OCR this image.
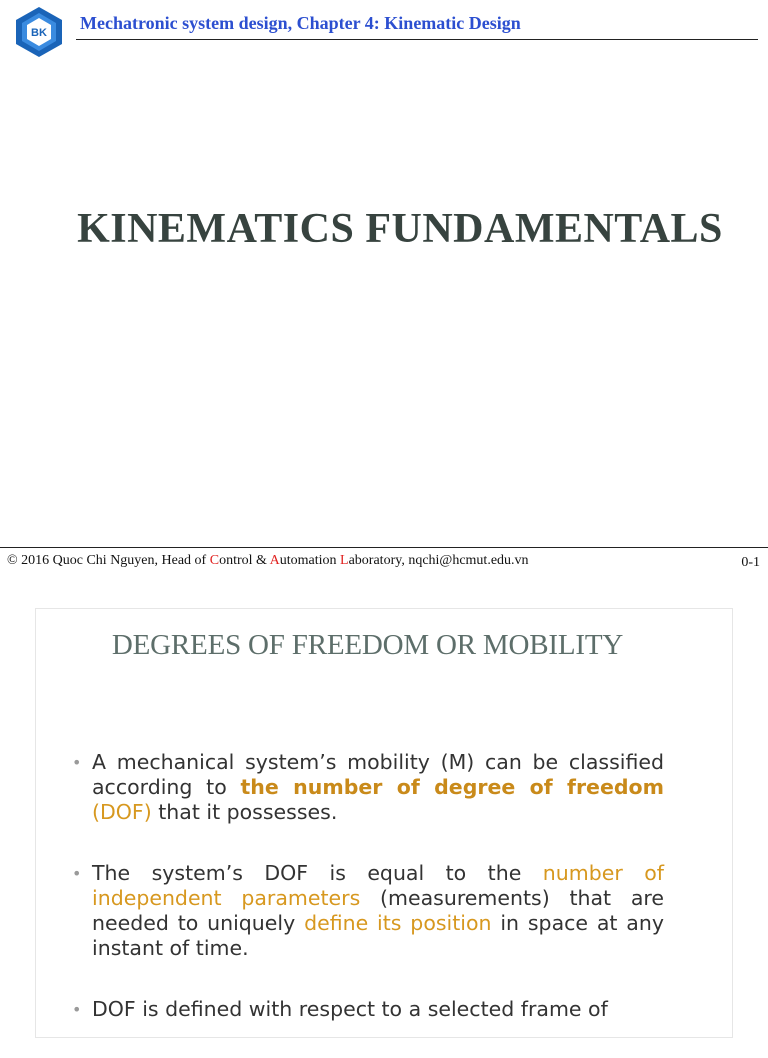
BK Mechatronic system design, Chapter 4: Kinematic Design
KINEMATICS FUNDAMENTALS
© 2016 Quoc Chi Nguyen, Head of Control & Automation Laboratory, nqchi@hcmut.edu.vn	0-1
DEGREES OF FREEDOM OR MOBILITY
• A mechanical system’s mobility (M) can be classified according to the number of degree of freedom (DOF) that it possesses.
• The system’s DOF is equal to the number of independent parameters (measurements) that are needed to uniquely define its position in space at any instant of time.
• DOF is defined with respect to a selected frame of
